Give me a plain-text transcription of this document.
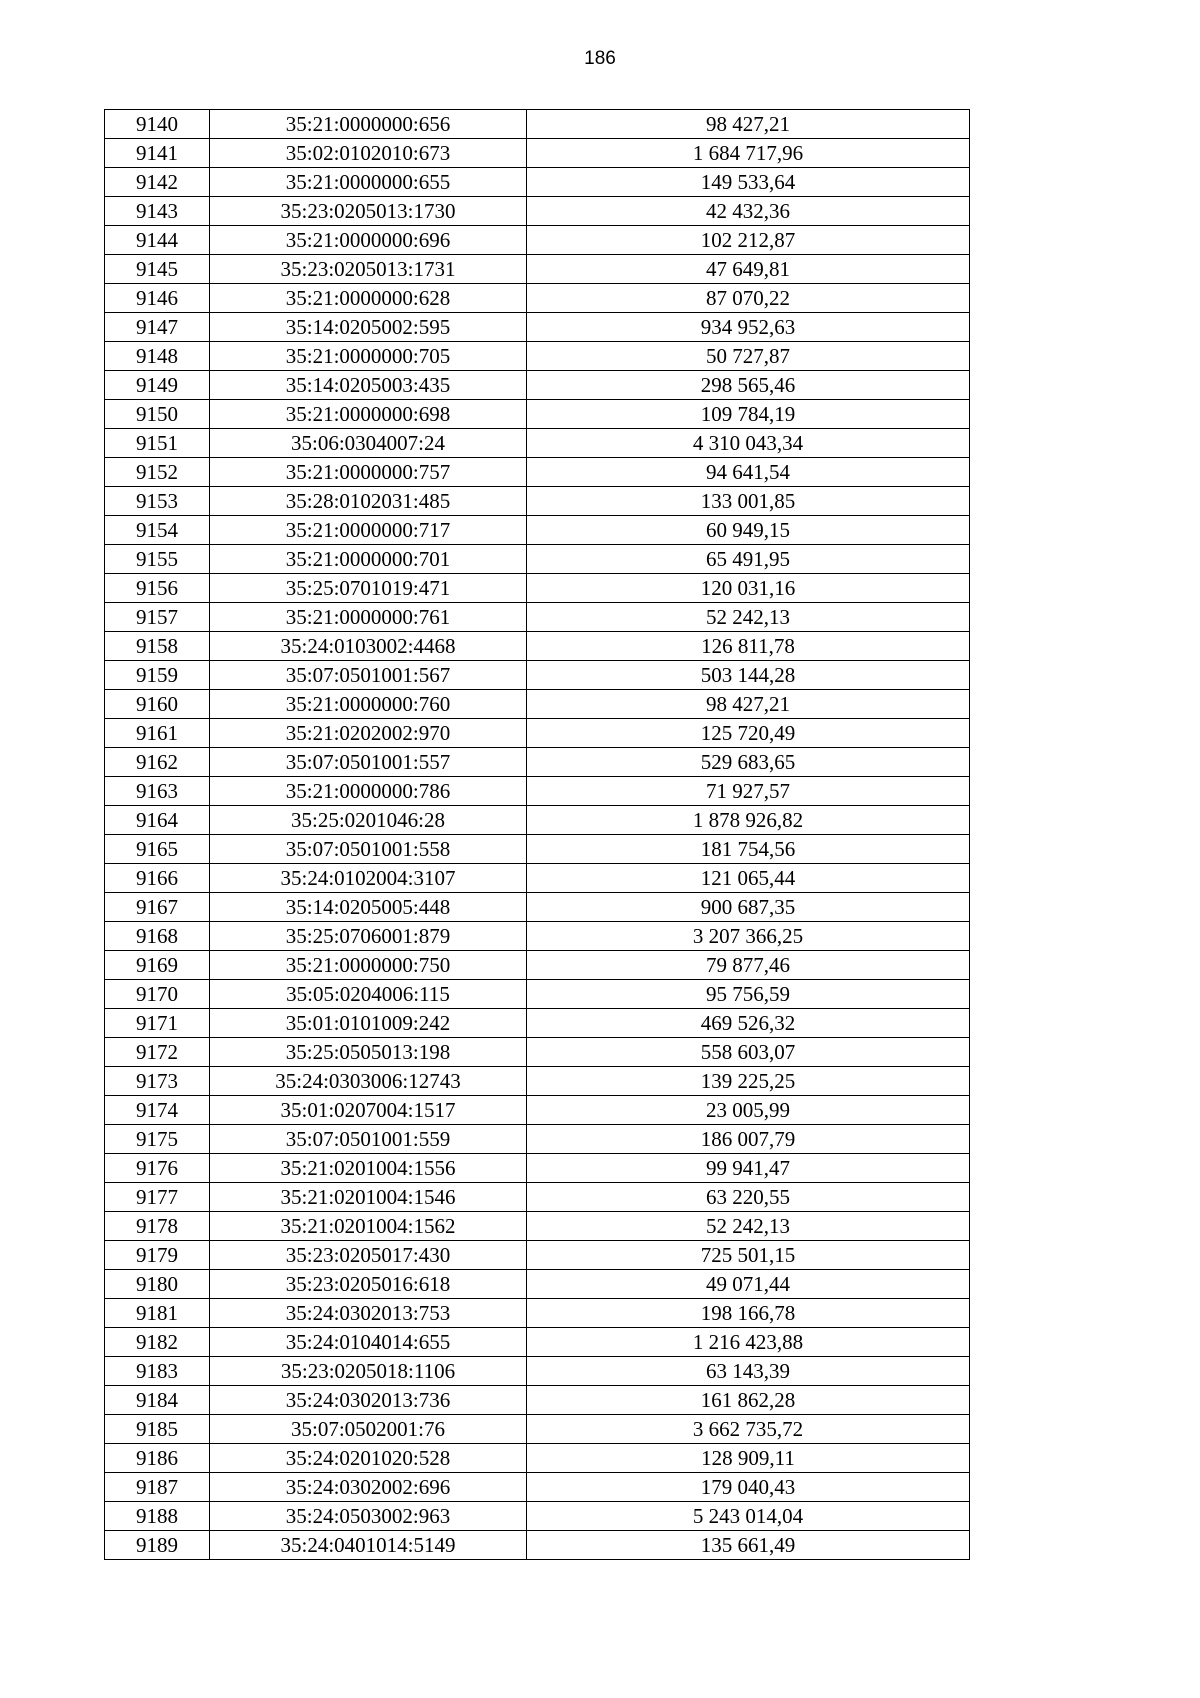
186
9140	35:21:0000000:656	98 427,21
9141	35:02:0102010:673	1 684 717,96
9142	35:21:0000000:655	149 533,64
9143	35:23:0205013:1730	42 432,36
9144	35:21:0000000:696	102 212,87
9145	35:23:0205013:1731	47 649,81
9146	35:21:0000000:628	87 070,22
9147	35:14:0205002:595	934 952,63
9148	35:21:0000000:705	50 727,87
9149	35:14:0205003:435	298 565,46
9150	35:21:0000000:698	109 784,19
9151	35:06:0304007:24	4 310 043,34
9152	35:21:0000000:757	94 641,54
9153	35:28:0102031:485	133 001,85
9154	35:21:0000000:717	60 949,15
9155	35:21:0000000:701	65 491,95
9156	35:25:0701019:471	120 031,16
9157	35:21:0000000:761	52 242,13
9158	35:24:0103002:4468	126 811,78
9159	35:07:0501001:567	503 144,28
9160	35:21:0000000:760	98 427,21
9161	35:21:0202002:970	125 720,49
9162	35:07:0501001:557	529 683,65
9163	35:21:0000000:786	71 927,57
9164	35:25:0201046:28	1 878 926,82
9165	35:07:0501001:558	181 754,56
9166	35:24:0102004:3107	121 065,44
9167	35:14:0205005:448	900 687,35
9168	35:25:0706001:879	3 207 366,25
9169	35:21:0000000:750	79 877,46
9170	35:05:0204006:115	95 756,59
9171	35:01:0101009:242	469 526,32
9172	35:25:0505013:198	558 603,07
9173	35:24:0303006:12743	139 225,25
9174	35:01:0207004:1517	23 005,99
9175	35:07:0501001:559	186 007,79
9176	35:21:0201004:1556	99 941,47
9177	35:21:0201004:1546	63 220,55
9178	35:21:0201004:1562	52 242,13
9179	35:23:0205017:430	725 501,15
9180	35:23:0205016:618	49 071,44
9181	35:24:0302013:753	198 166,78
9182	35:24:0104014:655	1 216 423,88
9183	35:23:0205018:1106	63 143,39
9184	35:24:0302013:736	161 862,28
9185	35:07:0502001:76	3 662 735,72
9186	35:24:0201020:528	128 909,11
9187	35:24:0302002:696	179 040,43
9188	35:24:0503002:963	5 243 014,04
9189	35:24:0401014:5149	135 661,49
